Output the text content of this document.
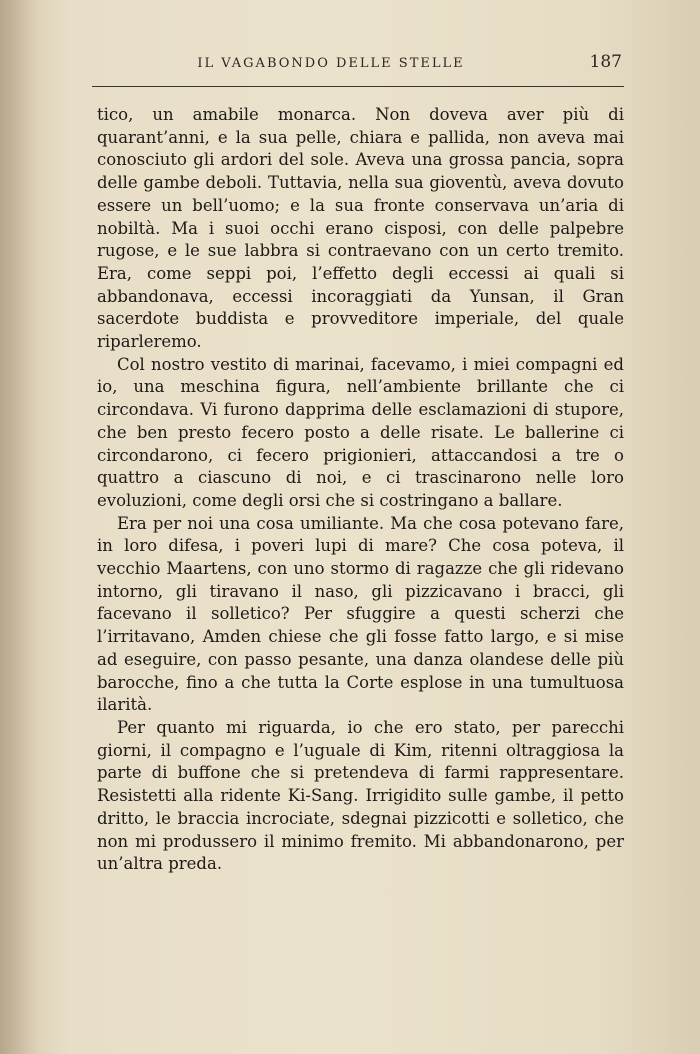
IL VAGABONDO DELLE STELLE	187

tico, un amabile monarca. Non doveva aver più di quarant’anni, e la sua pelle, chiara e pallida, non aveva mai conosciuto gli ardori del sole. Aveva una grossa pancia, sopra delle gambe deboli. Tuttavia, nella sua gioventù, aveva dovuto essere un bell’uomo; e la sua fronte conservava un’aria di nobiltà. Ma i suoi occhi erano cisposi, con delle palpebre rugose, e le sue labbra si contraevano con un certo tremito. Era, come seppi poi, l’effetto degli eccessi ai quali si abbandonava, eccessi incoraggiati da Yunsan, il Gran sacerdote buddista e provveditore imperiale, del quale riparleremo.

Col nostro vestito di marinai, facevamo, i miei compagni ed io, una meschina figura, nell’ambiente brillante che ci circondava. Vi furono dapprima delle esclamazioni di stupore, che ben presto fecero posto a delle risate. Le ballerine ci circondarono, ci fecero prigionieri, attaccandosi a tre o quattro a ciascuno di noi, e ci trascinarono nelle loro evoluzioni, come degli orsi che si costringano a ballare.

Era per noi una cosa umiliante. Ma che cosa potevano fare, in loro difesa, i poveri lupi di mare? Che cosa poteva, il vecchio Maartens, con uno stormo di ragazze che gli ridevano intorno, gli tiravano il naso, gli pizzicavano i bracci, gli facevano il solletico? Per sfuggire a questi scherzi che l’irritavano, Amden chiese che gli fosse fatto largo, e si mise ad eseguire, con passo pesante, una danza olandese delle più barocche, fino a che tutta la Corte esplose in una tumultuosa ilarità.

Per quanto mi riguarda, io che ero stato, per parecchi giorni, il compagno e l’uguale di Kim, ritenni oltraggiosa la parte di buffone che si pretendeva di farmi rappresentare. Resistetti alla ridente Ki-Sang. Irrigidito sulle gambe, il petto dritto, le braccia incrociate, sdegnai pizzicotti e solletico, che non mi produssero il minimo fremito. Mi abbandonarono, per un’altra preda.
